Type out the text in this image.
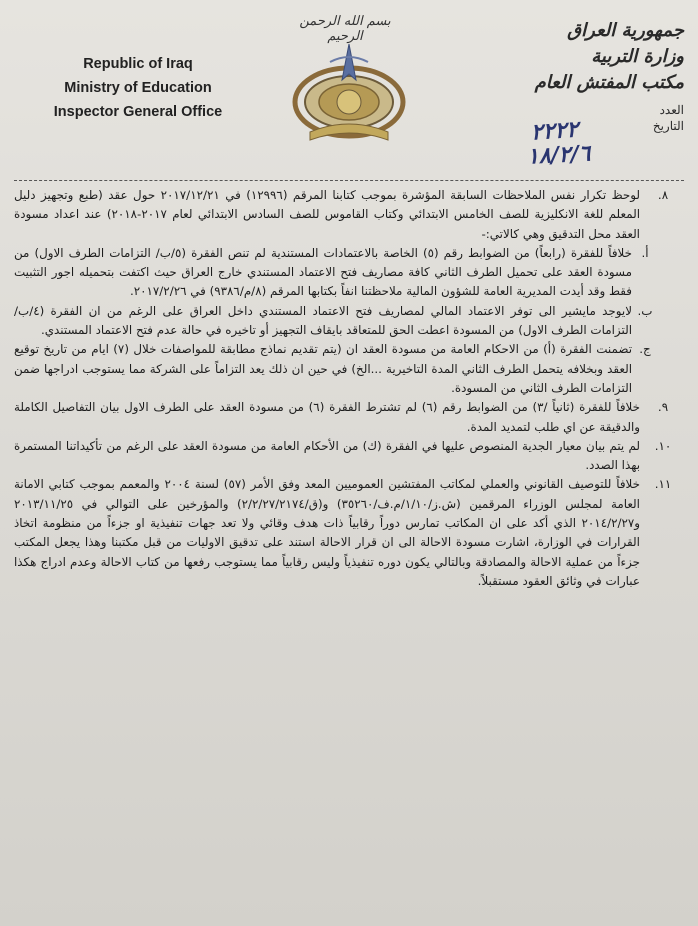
Republic of Iraq
Ministry of Education
Inspector General Office
بسم الله الرحمن الرحيم	جمهورية العراق
وزارة التربية
مكتب المفتش العام
العدد
التاريخ
٢٢٢٢
١٨/٢/٦

٨.
لوحظ تكرار نفس الملاحظات السابقة المؤشرة بموجب كتابنا المرقم (١٢٩٩٦) في ٢٠١٧/١٢/٢١ حول عقد (طبع وتجهيز دليل المعلم للغة الانكليزية للصف الخامس الابتدائي وكتاب القاموس للصف السادس الابتدائي لعام ٢٠١٧-٢٠١٨) عند اعداد مسودة العقد محل التدقيق وهي كالاتي:-

أ.
خلافاً للفقرة (رابعاً) من الضوابط رقم (٥) الخاصة بالاعتمادات المستندية لم تنص الفقرة (٥/ب/ التزامات الطرف الاول) من مسودة العقد على تحميل الطرف الثاني كافة مصاريف فتح الاعتماد المستندي خارج العراق حيث اكتفت بتحميله اجور التثبيت فقط وقد أيدت المديرية العامة للشؤون المالية ملاحظتنا انفاً بكتابها المرقم (٨/م/٩٣٨٦) في ٢٠١٧/٢/٢٦.

ب.
لايوجد مايشير الى توفر الاعتماد المالي لمصاريف فتح الاعتماد المستندي داخل العراق على الرغم من ان الفقرة (٤/ب/ التزامات الطرف الاول) من المسودة اعطت الحق للمتعاقد بايقاف التجهيز أو تاخيره في حالة عدم فتح الاعتماد المستندي.

ج.
تضمنت الفقرة (أ) من الاحكام العامة من مسودة العقد ان (يتم تقديم نماذج مطابقة للمواصفات خلال (٧) ايام من تاريخ توقيع العقد وبخلافه يتحمل الطرف الثاني المدة التاخيرية ...الخ) في حين ان ذلك يعد التزاماً على الشركة مما يستوجب ادراجها ضمن التزامات الطرف الثاني من المسودة.

٩.
خلافاً للفقرة (ثانياً /٣) من الضوابط رقم (٦) لم تشترط الفقرة (٦) من مسودة العقد على الطرف الاول بيان التفاصيل الكاملة والدقيقة عن اي طلب لتمديد المدة.

١٠.
لم يتم بيان معيار الجدية المنصوص عليها في الفقرة (ك) من الأحكام العامة من مسودة العقد على الرغم من تأكيداتنا المستمرة بهذا الصدد.

١١.
خلافاً للتوصيف القانوني والعملي لمكاتب المفتشين العموميين المعد وفق الأمر (٥٧) لسنة ٢٠٠٤ والمعمم بموجب كتابي الامانة العامة لمجلس الوزراء المرقمين (ش.ز/١/١٠/م.ف/٣٥٢٦٠) و(ق/٢/٢/٢٧/٢١٧٤) والمؤرخين على التوالي في ٢٠١٣/١١/٢٥ و٢٠١٤/٢/٢٧ الذي أكد على ان المكاتب تمارس دوراً رقابياً ذات هدف وقائي ولا تعد جهات تنفيذية او جزءاً من منظومة اتخاذ القرارات في الوزارة، اشارت مسودة الاحالة الى ان قرار الاحالة استند على تدقيق الاوليات من قبل مكتبنا وهذا يجعل المكتب جزءاً من عملية الاحالة والمصادقة وبالتالي يكون دوره تنفيذياً وليس رقابياً مما يستوجب رفعها من كتاب الاحالة وعدم ادراج هكذا عبارات في وثائق العقود مستقبلاً.
